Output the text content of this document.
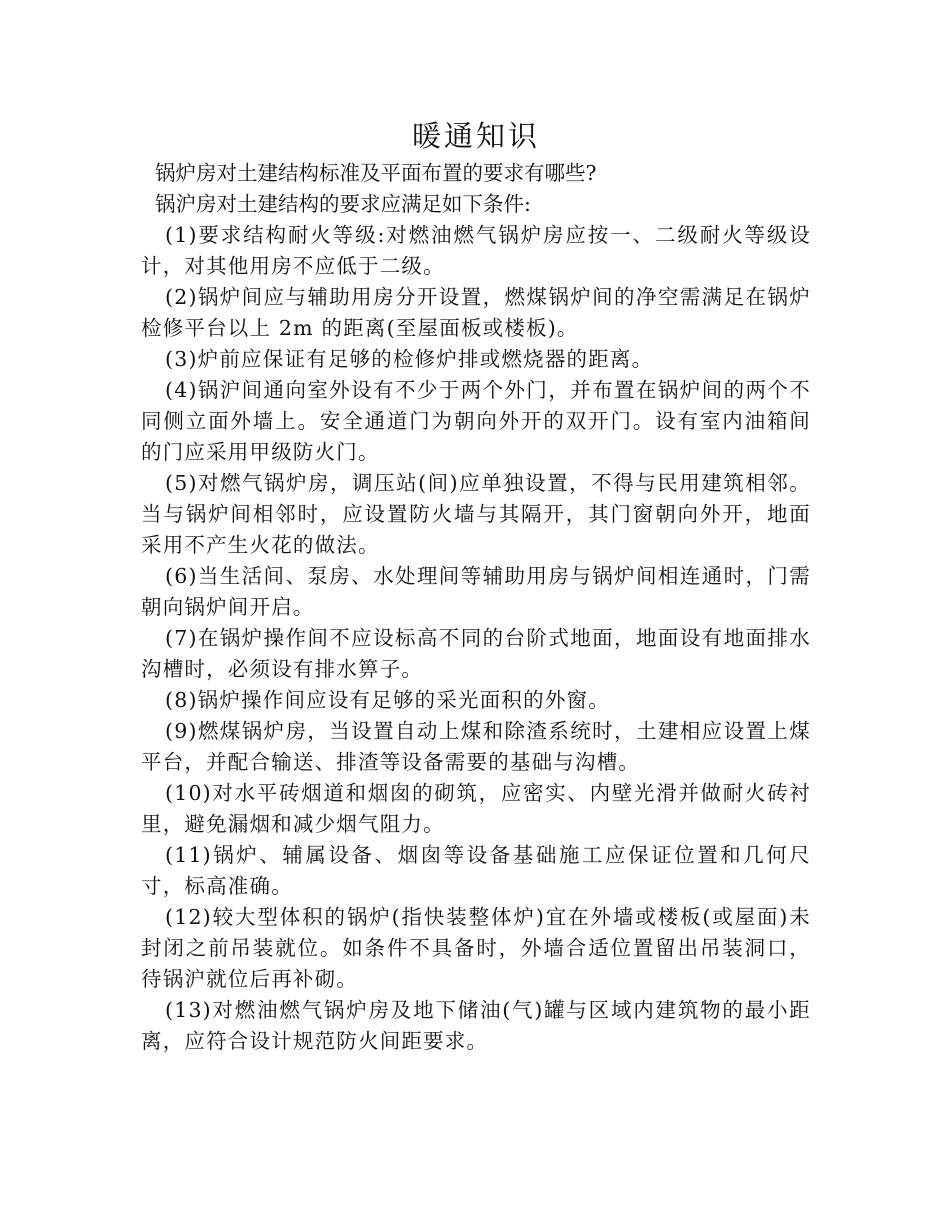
暖通知识

锅炉房对土建结构标准及平面布置的要求有哪些?

锅沪房对土建结构的要求应满足如下条件:

(1)要求结构耐火等级:对燃油燃气锅炉房应按一、二级耐火等级设计，对其他用房不应低于二级。

(2)锅炉间应与辅助用房分开设置，燃煤锅炉间的净空需满足在锅炉检修平台以上 2m 的距离(至屋面板或楼板)。

(3)炉前应保证有足够的检修炉排或燃烧器的距离。

(4)锅沪间通向室外设有不少于两个外门，并布置在锅炉间的两个不同侧立面外墙上。安全通道门为朝向外开的双开门。设有室内油箱间的门应采用甲级防火门。

(5)对燃气锅炉房，调压站(间)应单独设置，不得与民用建筑相邻。当与锅炉间相邻时，应设置防火墙与其隔开，其门窗朝向外开，地面采用不产生火花的做法。

(6)当生活间、泵房、水处理间等辅助用房与锅炉间相连通时，门需朝向锅炉间开启。

(7)在锅炉操作间不应设标高不同的台阶式地面，地面设有地面排水沟槽时，必须设有排水箅子。

(8)锅炉操作间应设有足够的采光面积的外窗。

(9)燃煤锅炉房，当设置自动上煤和除渣系统时，土建相应设置上煤平台，并配合输送、排渣等设备需要的基础与沟槽。

(10)对水平砖烟道和烟囱的砌筑，应密实、内壁光滑并做耐火砖衬里，避免漏烟和减少烟气阻力。

(11)锅炉、辅属设备、烟囱等设备基础施工应保证位置和几何尺寸，标高准确。

(12)较大型体积的锅炉(指快装整体炉)宜在外墙或楼板(或屋面)未封闭之前吊装就位。如条件不具备时，外墙合适位置留出吊装洞口，待锅沪就位后再补砌。

(13)对燃油燃气锅炉房及地下储油(气)罐与区域内建筑物的最小距离，应符合设计规范防火间距要求。
